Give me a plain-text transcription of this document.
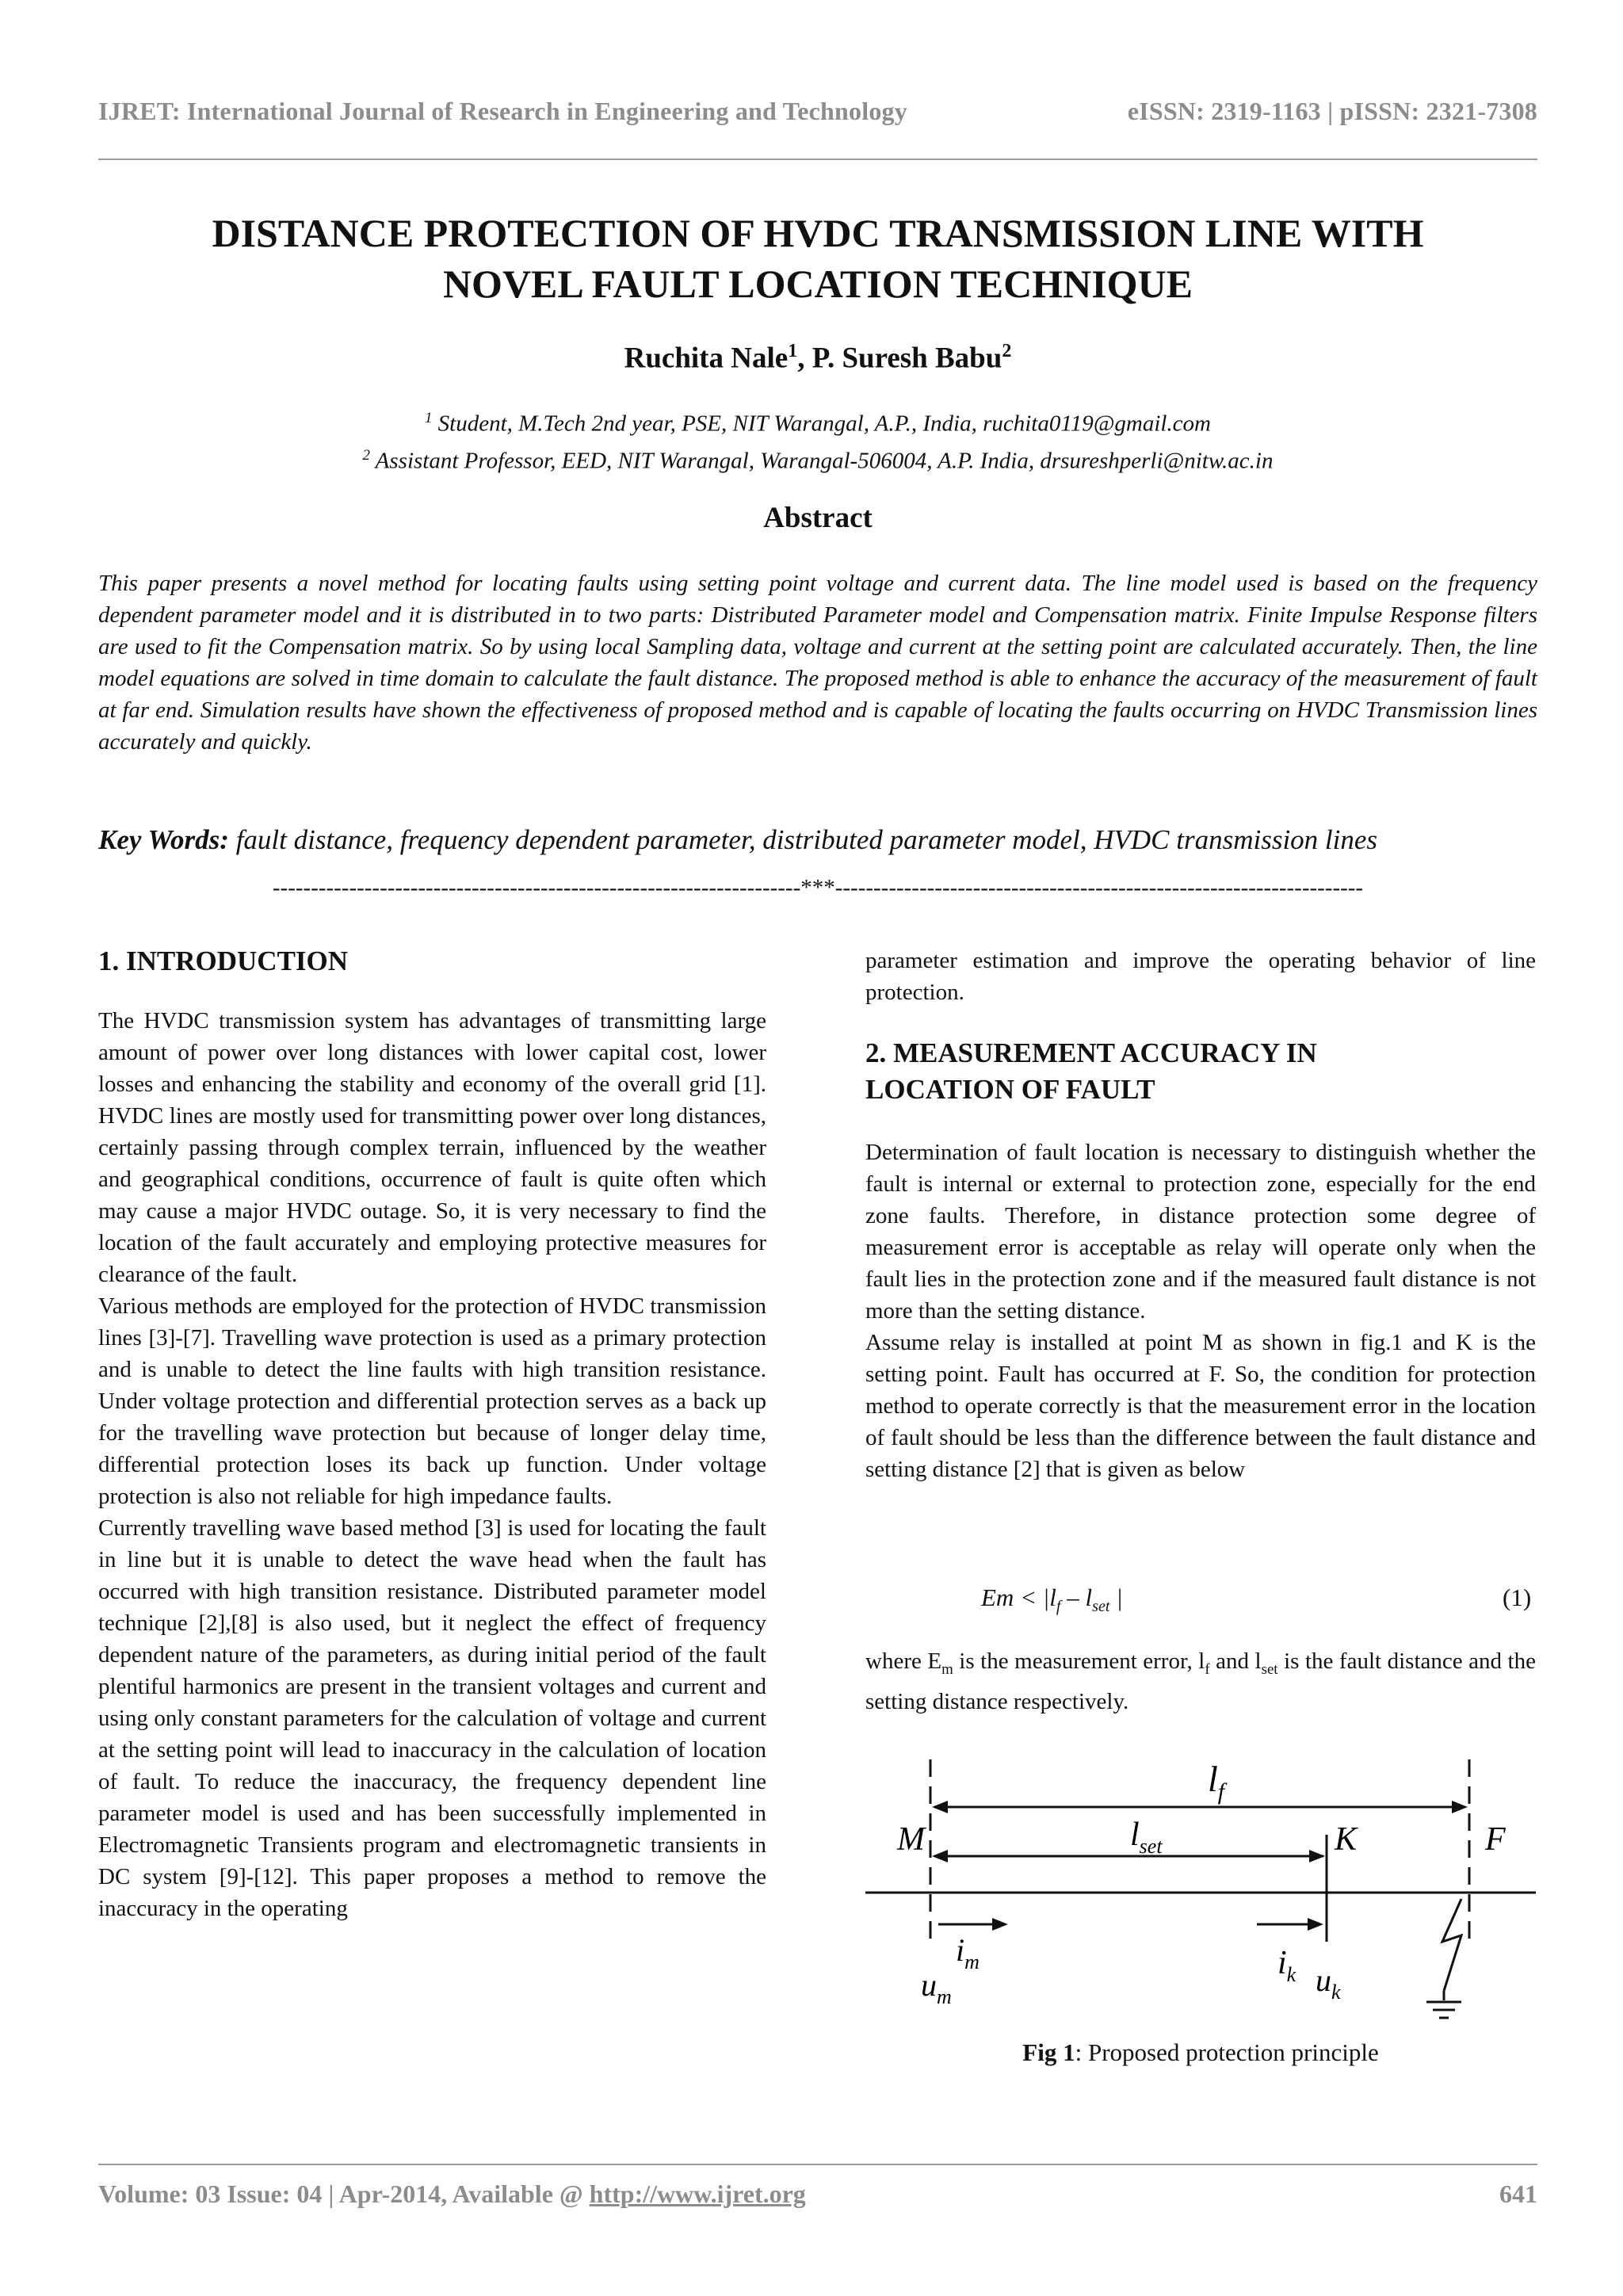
IJRET: International Journal of Research in Engineering and Technology	eISSN: 2319-1163 | pISSN: 2321-7308
DISTANCE PROTECTION OF HVDC TRANSMISSION LINE WITH
NOVEL FAULT LOCATION TECHNIQUE
Ruchita Nale$^1$, P. Suresh Babu$^2$
$^1$ Student, M.Tech 2nd year, PSE, NIT Warangal, A.P., India, ruchita0119@gmail.com
$^2$ Assistant Professor, EED, NIT Warangal, Warangal-506004, A.P. India, drsureshperli@nitw.ac.in
Abstract
This paper presents a novel method for locating faults using setting point voltage and current data. The line model used is based on the frequency dependent parameter model and it is distributed in to two parts: Distributed Parameter model and Compensation matrix. Finite Impulse Response filters are used to fit the Compensation matrix. So by using local Sampling data, voltage and current at the setting point are calculated accurately. Then, the line model equations are solved in time domain to calculate the fault distance. The proposed method is able to enhance the accuracy of the measurement of fault at far end. Simulation results have shown the effectiveness of proposed method and is capable of locating the faults occurring on HVDC Transmission lines accurately and quickly.
Key Words: fault distance, frequency dependent parameter, distributed parameter model, HVDC transmission lines
---------------------------------------------------------------------***---------------------------------------------------------------------
1. INTRODUCTION

The HVDC transmission system has advantages of transmitting large amount of power over long distances with lower capital cost, lower losses and enhancing the stability and economy of the overall grid [1]. HVDC lines are mostly used for transmitting power over long distances, certainly passing through complex terrain, influenced by the weather and geographical conditions, occurrence of fault is quite often which may cause a major HVDC outage. So, it is very necessary to find the location of the fault accurately and employing protective measures for clearance of the fault.

Various methods are employed for the protection of HVDC transmission lines [3]-[7]. Travelling wave protection is used as a primary protection and is unable to detect the line faults with high transition resistance. Under voltage protection and differential protection serves as a back up for the travelling wave protection but because of longer delay time, differential protection loses its back up function. Under voltage protection is also not reliable for high impedance faults.

Currently travelling wave based method [3] is used for locating the fault in line but it is unable to detect the wave head when the fault has occurred with high transition resistance. Distributed parameter model technique [2],[8] is also used, but it neglect the effect of frequency dependent nature of the parameters, as during initial period of the fault plentiful harmonics are present in the transient voltages and current and using only constant parameters for the calculation of voltage and current at the setting point will lead to inaccuracy in the calculation of location of fault. To reduce the inaccuracy, the frequency dependent line parameter model is used and has been successfully implemented in Electromagnetic Transients program and electromagnetic transients in DC system [9]-[12]. This paper proposes a method to remove the inaccuracy in the operating

parameter estimation and improve the operating behavior of line protection.

2. MEASUREMENT ACCURACY IN
LOCATION OF FAULT

Determination of fault location is necessary to distinguish whether the fault is internal or external to protection zone, especially for the end zone faults. Therefore, in distance protection some degree of measurement error is acceptable as relay will operate only when the fault lies in the protection zone and if the measured fault distance is not more than the setting distance.

Assume relay is installed at point M as shown in fig.1 and K is the setting point. Fault has occurred at F. So, the condition for protection method to operate correctly is that the measurement error in the location of fault should be less than the difference between the fault distance and setting distance [2] that is given as below

$Em < |l_f - l_{set}$ |	(1)
where $E_m$ is the measurement error, $l_f$ and $l_{set}$ is the fault distance and the setting distance respectively.
$l_f$
$l_{set}$
M	K	F
$i_m$	$i_k$
$u_m$	$u_k$
Fig 1: Proposed protection principle
Volume: 03 Issue: 04 | Apr-2014, Available @ http://www.ijret.org	641
